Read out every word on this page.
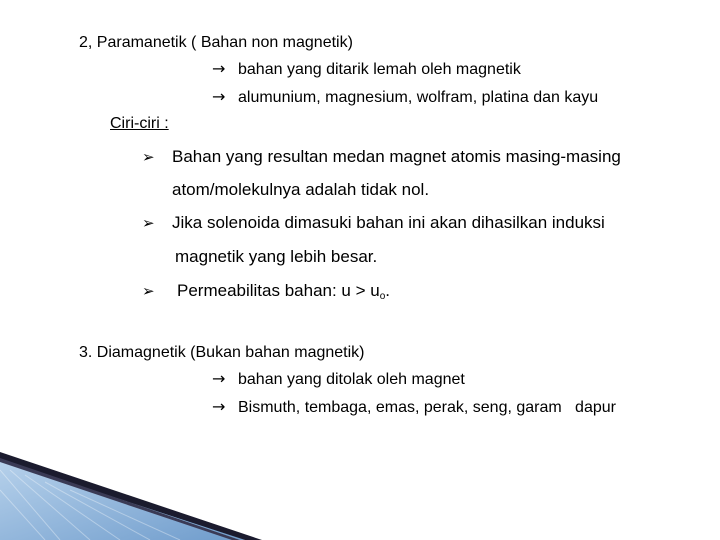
2, Paramanetik ( Bahan non magnetik)
→ bahan yang ditarik lemah oleh magnetik
→ alumunium, magnesium, wolfram, platina dan kayu
Ciri-ciri :
➢ Bahan yang resultan medan magnet atomis masing-masing
atom/molekulnya adalah tidak nol.
➢ Jika solenoida dimasuki bahan ini akan dihasilkan induksi
magnetik yang lebih besar.
➢ Permeabilitas bahan: $u > u_o$.
3. Diamagnetik (Bukan bahan magnetik)
→ bahan yang ditolak oleh magnet
→ Bismuth, tembaga, emas, perak, seng, garam   dapur
